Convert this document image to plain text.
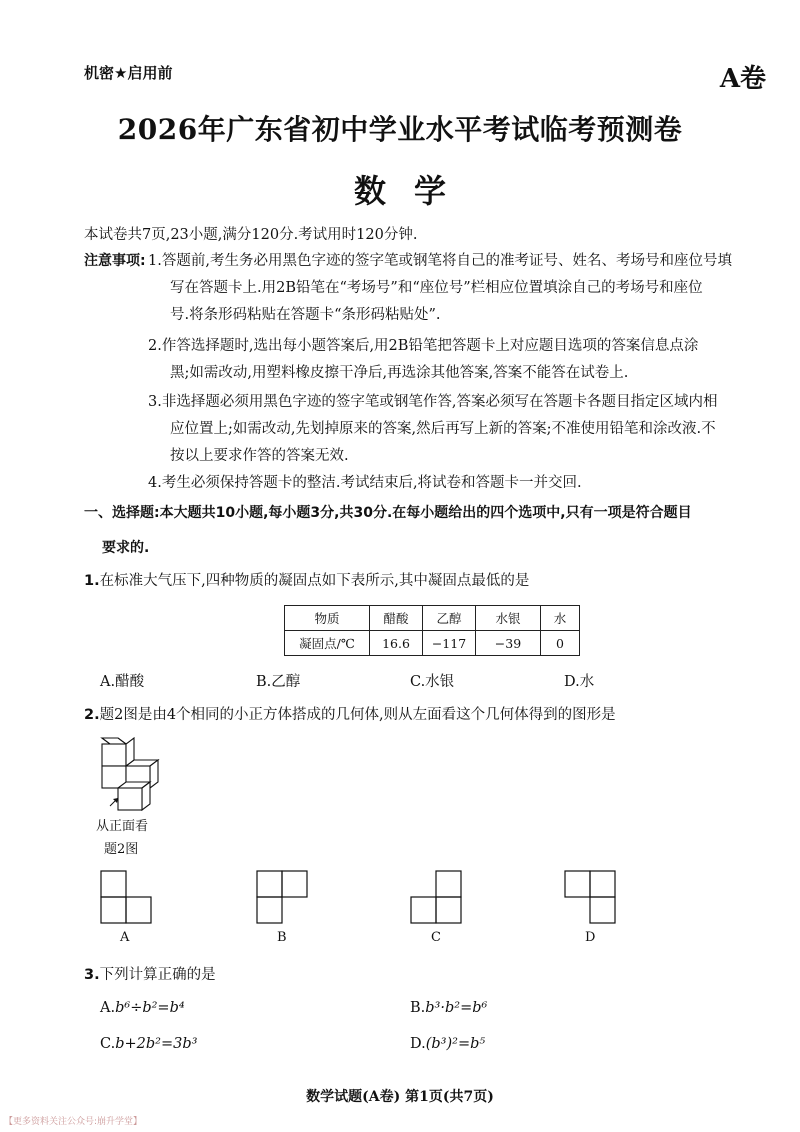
机密★启用前	A卷
2026年广东省初中学业水平考试临考预测卷
数学
本试卷共7页,23小题,满分120分.考试用时120分钟.
注意事项: 1.答题前,考生务必用黑色字迹的签字笔或钢笔将自己的准考证号、姓名、考场号和座位号填
写在答题卡上.用2B铅笔在“考场号”和“座位号”栏相应位置填涂自己的考场号和座位
号.将条形码粘贴在答题卡“条形码粘贴处”.
2.作答选择题时,选出每小题答案后,用2B铅笔把答题卡上对应题目选项的答案信息点涂
黑;如需改动,用塑料橡皮擦干净后,再选涂其他答案,答案不能答在试卷上.
3.非选择题必须用黑色字迹的签字笔或钢笔作答,答案必须写在答题卡各题目指定区域内相
应位置上;如需改动,先划掉原来的答案,然后再写上新的答案;不准使用铅笔和涂改液.不
按以上要求作答的答案无效.
4.考生必须保持答题卡的整洁.考试结束后,将试卷和答题卡一并交回.
一、选择题:本大题共10小题,每小题3分,共30分.在每小题给出的四个选项中,只有一项是符合题目
要求的.
1.在标准大气压下,四种物质的凝固点如下表所示,其中凝固点最低的是
物质	醋酸	乙醇	水银	水
凝固点/℃	16.6	−117	−39	0
A.醋酸	B.乙醇	C.水银	D.水
2.题2图是由4个相同的小正方体搭成的几何体,则从左面看这个几何体得到的图形是
从正面看
题2图
A	B	C	D
3.下列计算正确的是
A.b⁶÷b²=b⁴	B.b³·b²=b⁶
C.b+2b²=3b³	D.(b³)²=b⁵
数学试题(A卷) 第1页(共7页)
【更多资料关注公众号:崩升学堂】
